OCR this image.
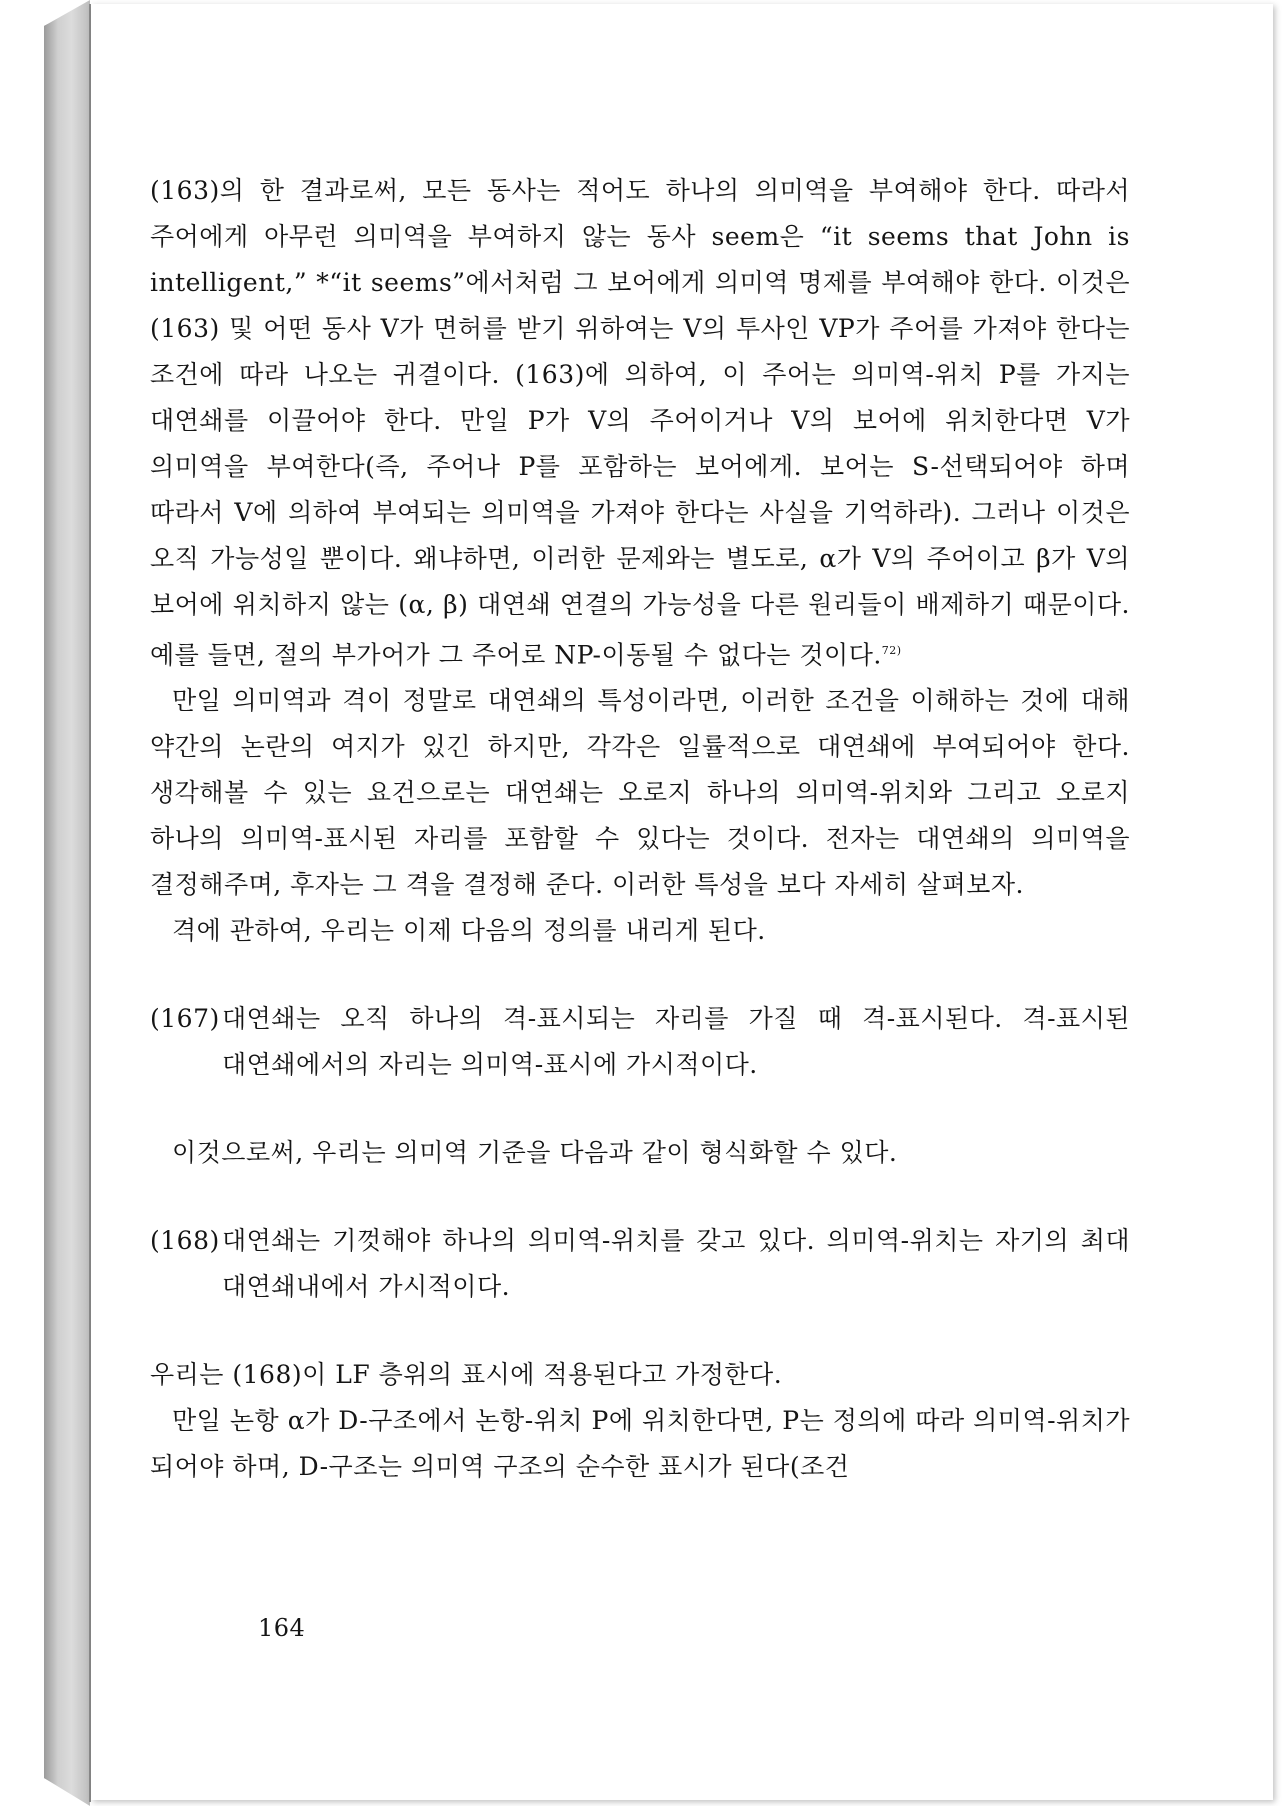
(163)의 한 결과로써, 모든 동사는 적어도 하나의 의미역을 부여해야 한다. 따라서 주어에게 아무런 의미역을 부여하지 않는 동사 seem은 “it seems that John is intelligent,” *“it seems”에서처럼 그 보어에게 의미역 명제를 부여해야 한다. 이것은 (163) 및 어떤 동사 V가 면허를 받기 위하여는 V의 투사인 VP가 주어를 가져야 한다는 조건에 따라 나오는 귀결이다. (163)에 의하여, 이 주어는 의미역-위치 P를 가지는 대연쇄를 이끌어야 한다. 만일 P가 V의 주어이거나 V의 보어에 위치한다면 V가 의미역을 부여한다(즉, 주어나 P를 포함하는 보어에게. 보어는 S-선택되어야 하며 따라서 V에 의하여 부여되는 의미역을 가져야 한다는 사실을 기억하라). 그러나 이것은 오직 가능성일 뿐이다. 왜냐하면, 이러한 문제와는 별도로, α가 V의 주어이고 β가 V의 보어에 위치하지 않는 (α, β) 대연쇄 연결의 가능성을 다른 원리들이 배제하기 때문이다. 예를 들면, 절의 부가어가 그 주어로 NP-이동될 수 없다는 것이다.$^{72)}$

만일 의미역과 격이 정말로 대연쇄의 특성이라면, 이러한 조건을 이해하는 것에 대해 약간의 논란의 여지가 있긴 하지만, 각각은 일률적으로 대연쇄에 부여되어야 한다. 생각해볼 수 있는 요건으로는 대연쇄는 오로지 하나의 의미역-위치와 그리고 오로지 하나의 의미역-표시된 자리를 포함할 수 있다는 것이다. 전자는 대연쇄의 의미역을 결정해주며, 후자는 그 격을 결정해 준다. 이러한 특성을 보다 자세히 살펴보자.

격에 관하여, 우리는 이제 다음의 정의를 내리게 된다.

(167) 대연쇄는 오직 하나의 격-표시되는 자리를 가질 때 격-표시된다. 격-표시된 대연쇄에서의 자리는 의미역-표시에 가시적이다.

이것으로써, 우리는 의미역 기준을 다음과 같이 형식화할 수 있다.

(168) 대연쇄는 기껏해야 하나의 의미역-위치를 갖고 있다. 의미역-위치는 자기의 최대 대연쇄내에서 가시적이다.

우리는 (168)이 LF 층위의 표시에 적용된다고 가정한다.

만일 논항 α가 D-구조에서 논항-위치 P에 위치한다면, P는 정의에 따라 의미역-위치가 되어야 하며, D-구조는 의미역 구조의 순수한 표시가 된다(조건

164
